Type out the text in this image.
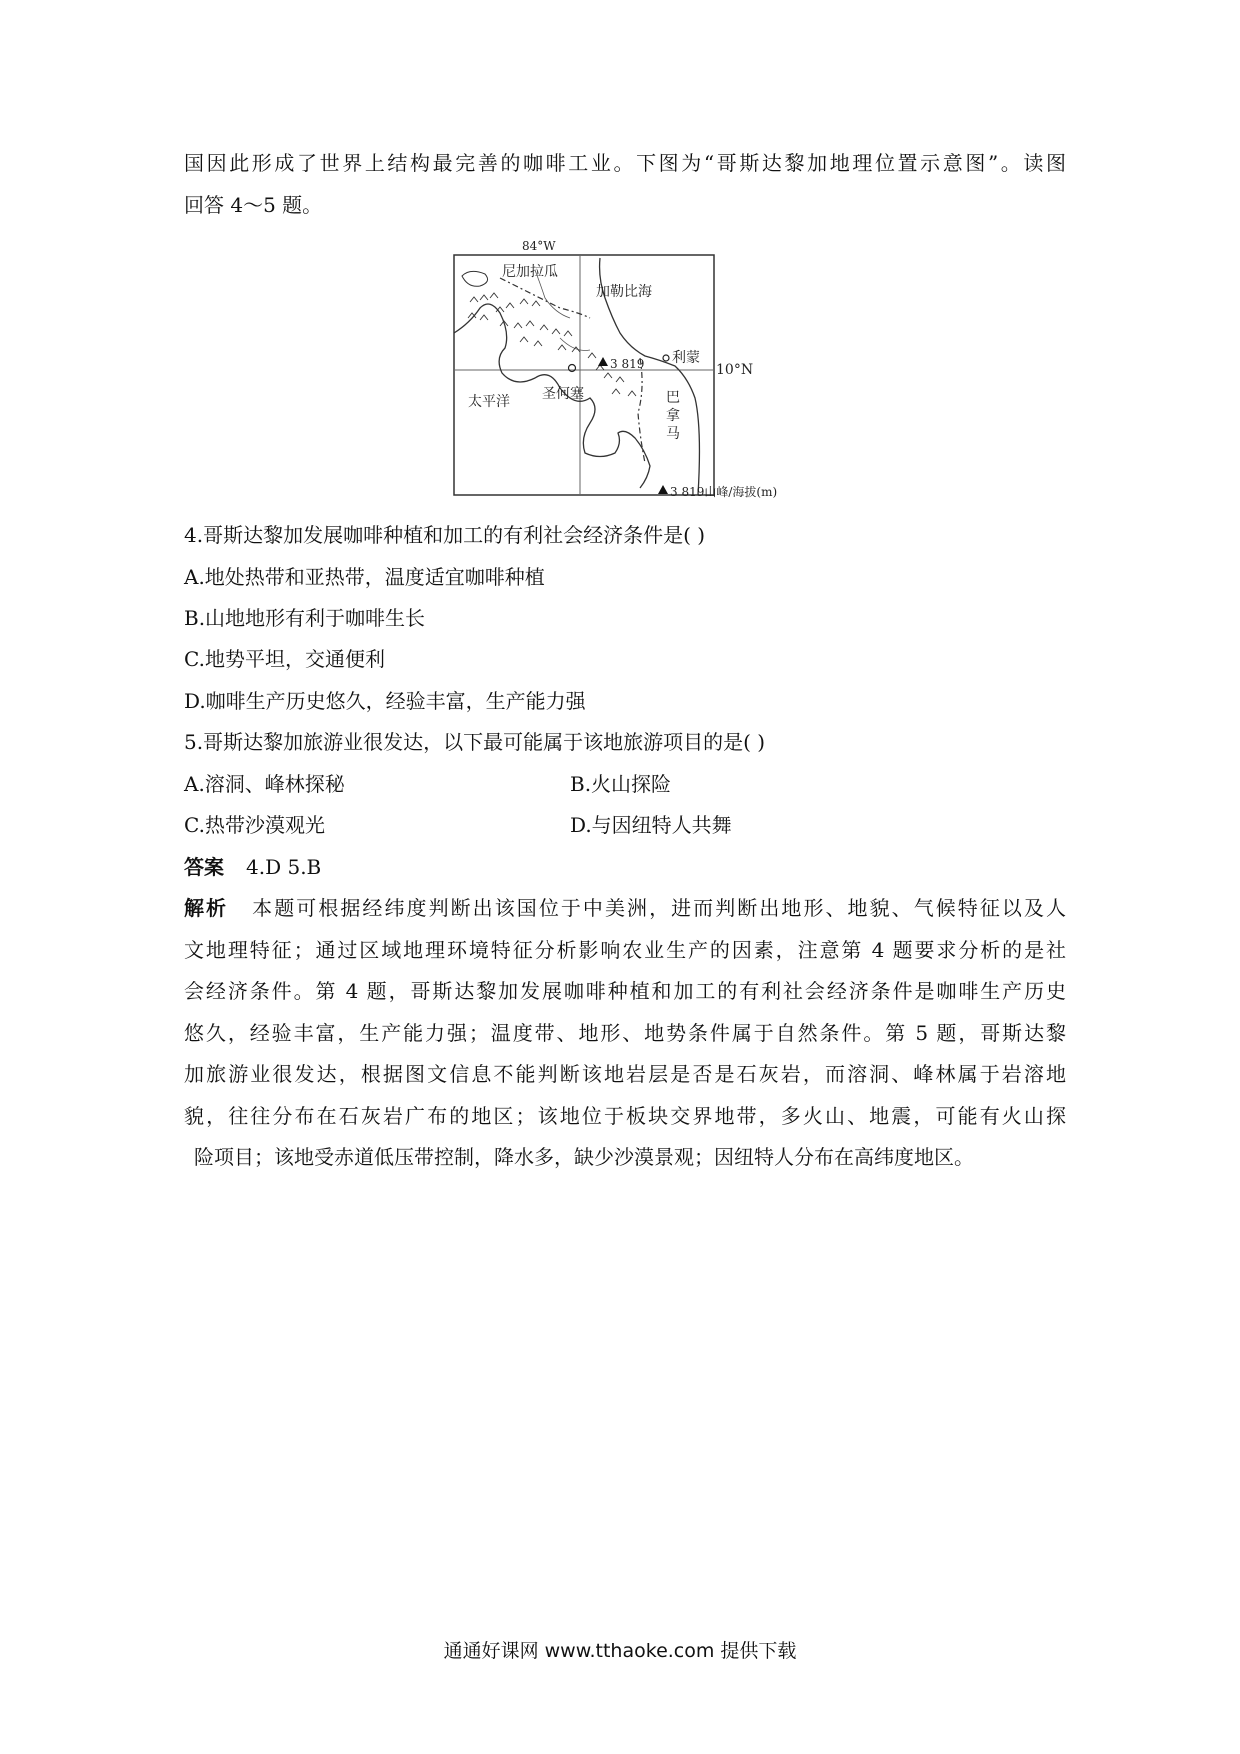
国因此形成了世界上结构最完善的咖啡工业。下图为“哥斯达黎加地理位置示意图”。读图
回答 4～5 题。
84°W
10°N
尼加拉瓜
加勒比海
利蒙
3 819
圣何塞
太平洋	巴
拿
马
3 819山峰/海拔(m)
4.哥斯达黎加发展咖啡种植和加工的有利社会经济条件是( )
A.地处热带和亚热带，温度适宜咖啡种植
B.山地地形有利于咖啡生长
C.地势平坦，交通便利
D.咖啡生产历史悠久，经验丰富，生产能力强
5.哥斯达黎加旅游业很发达，以下最可能属于该地旅游项目的是( )
A.溶洞、峰林探秘	B.火山探险
C.热带沙漠观光	D.与因纽特人共舞
答案 4.D 5.B
解析 本题可根据经纬度判断出该国位于中美洲，进而判断出地形、地貌、气候特征以及人
文地理特征；通过区域地理环境特征分析影响农业生产的因素，注意第 4 题要求分析的是社
会经济条件。第 4 题，哥斯达黎加发展咖啡种植和加工的有利社会经济条件是咖啡生产历史
悠久，经验丰富，生产能力强；温度带、地形、地势条件属于自然条件。第 5 题，哥斯达黎
加旅游业很发达，根据图文信息不能判断该地岩层是否是石灰岩，而溶洞、峰林属于岩溶地
貌，往往分布在石灰岩广布的地区；该地位于板块交界地带，多火山、地震，可能有火山探
险项目；该地受赤道低压带控制，降水多，缺少沙漠景观；因纽特人分布在高纬度地区。
通通好课网 www.tthaoke.com 提供下载
